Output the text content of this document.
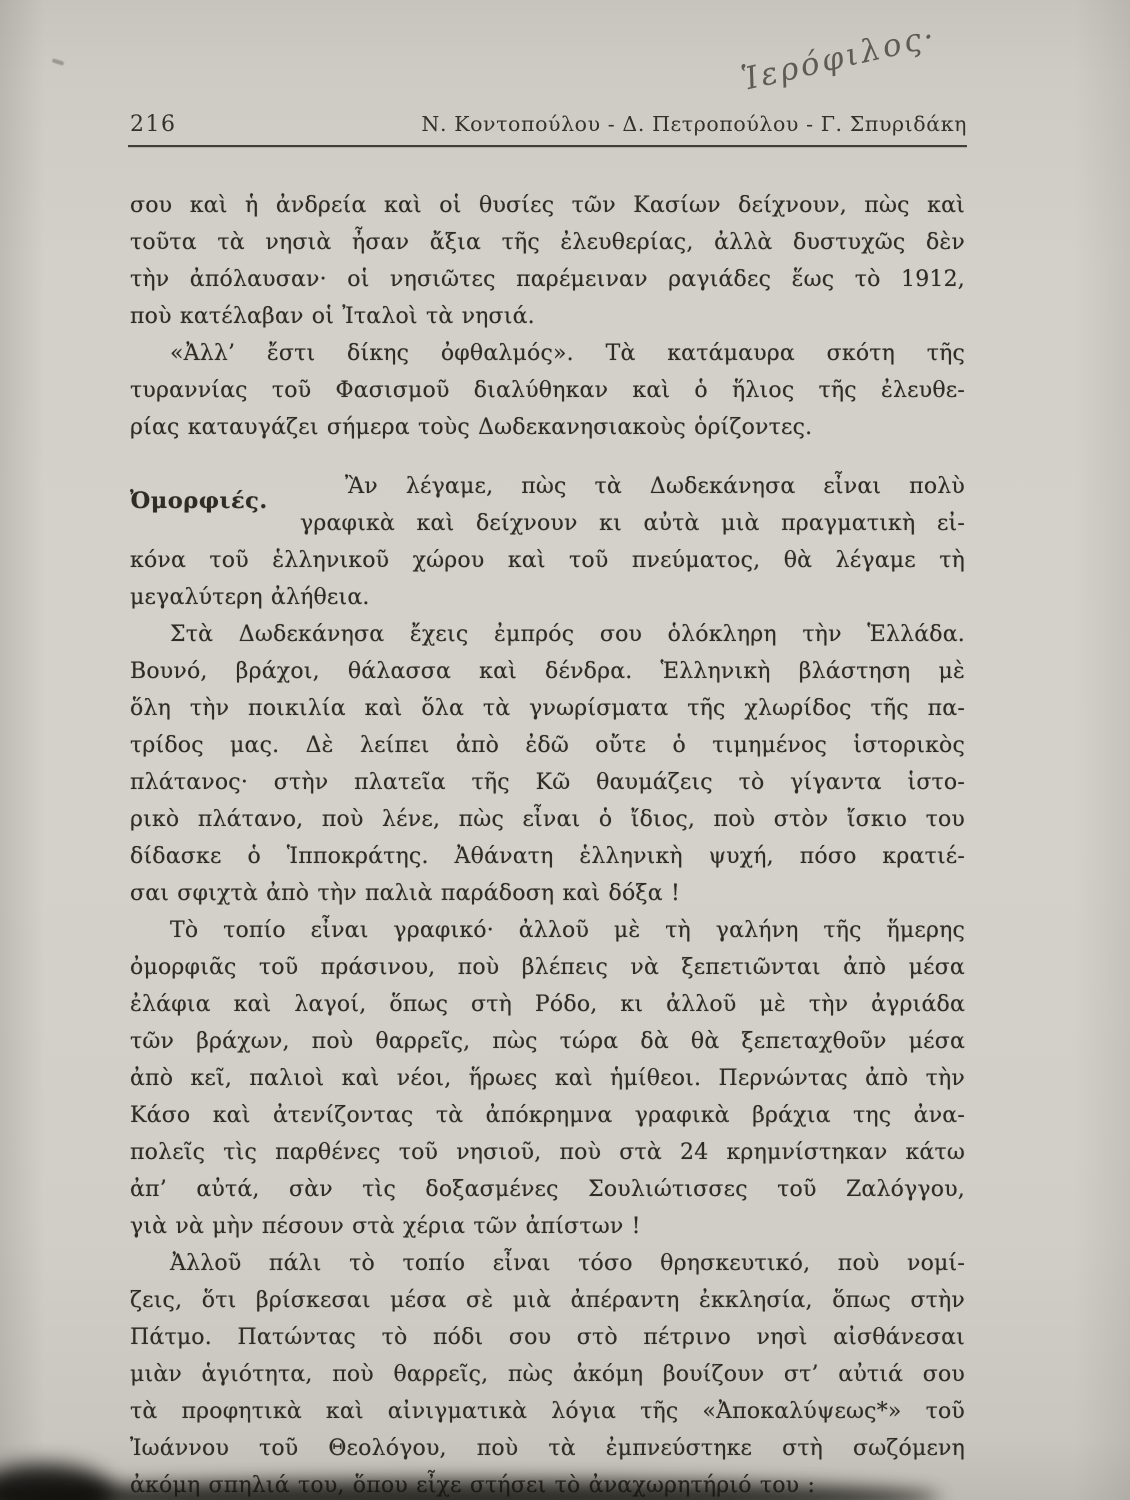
Ἱερόφιλος·
216	Ν. Κοντοπούλου - Δ. Πετροπούλου - Γ. Σπυριδάκη
σου καὶ ἡ ἀνδρεία καὶ οἱ θυσίες τῶν Κασίων δείχνουν, πὼς καὶ
τοῦτα τὰ νησιὰ ἦσαν ἄξια τῆς ἐλευθερίας, ἀλλὰ δυστυχῶς δὲν
τὴν ἀπόλαυσαν· οἱ νησιῶτες παρέμειναν ραγιάδες ἕως τὸ 1912,
ποὺ κατέλαβαν οἱ Ἰταλοὶ τὰ νησιά.
«Ἀλλ’ ἔστι δίκης ὀφθαλμός». Τὰ κατάμαυρα σκότη τῆς
τυραννίας τοῦ Φασισμοῦ διαλύθηκαν καὶ ὁ ἥλιος τῆς ἐλευθε-
ρίας καταυγάζει σήμερα τοὺς Δωδεκανησιακοὺς ὁρίζοντες.
Ὀμορφιές.
Ἂν λέγαμε, πὼς τὰ Δωδεκάνησα εἶναι πολὺ
γραφικὰ καὶ δείχνουν κι αὐτὰ μιὰ πραγματικὴ εἰ-
κόνα τοῦ ἑλληνικοῦ χώρου καὶ τοῦ πνεύματος, θὰ λέγαμε τὴ
μεγαλύτερη ἀλήθεια.
Στὰ Δωδεκάνησα ἔχεις ἐμπρός σου ὁλόκληρη τὴν Ἑλλάδα.
Βουνό, βράχοι, θάλασσα καὶ δένδρα. Ἑλληνικὴ βλάστηση μὲ
ὅλη τὴν ποικιλία καὶ ὅλα τὰ γνωρίσματα τῆς χλωρίδος τῆς πα-
τρίδος μας. Δὲ λείπει ἀπὸ ἐδῶ οὔτε ὁ τιμημένος ἱστορικὸς
πλάτανος· στὴν πλατεῖα τῆς Κῶ θαυμάζεις τὸ γίγαντα ἱστο-
ρικὸ πλάτανο, ποὺ λένε, πὼς εἶναι ὁ ἴδιος, ποὺ στὸν ἴσκιο του
δίδασκε ὁ Ἱπποκράτης. Ἀθάνατη ἑλληνικὴ ψυχή, πόσο κρατιέ-
σαι σφιχτὰ ἀπὸ τὴν παλιὰ παράδοση καὶ δόξα !
Τὸ τοπίο εἶναι γραφικό· ἀλλοῦ μὲ τὴ γαλήνη τῆς ἥμερης
ὀμορφιᾶς τοῦ πράσινου, ποὺ βλέπεις νὰ ξεπετιῶνται ἀπὸ μέσα
ἐλάφια καὶ λαγοί, ὅπως στὴ Ρόδο, κι ἀλλοῦ μὲ τὴν ἀγριάδα
τῶν βράχων, ποὺ θαρρεῖς, πὼς τώρα δὰ θὰ ξεπεταχθοῦν μέσα
ἀπὸ κεῖ, παλιοὶ καὶ νέοι, ἥρωες καὶ ἡμίθεοι. Περνώντας ἀπὸ τὴν
Κάσο καὶ ἀτενίζοντας τὰ ἀπόκρημνα γραφικὰ βράχια της ἀνα-
πολεῖς τὶς παρθένες τοῦ νησιοῦ, ποὺ στὰ 24 κρημνίστηκαν κάτω
ἀπ’ αὐτά, σὰν τὶς δοξασμένες Σουλιώτισσες τοῦ Ζαλόγγου,
γιὰ νὰ μὴν πέσουν στὰ χέρια τῶν ἀπίστων !
Ἀλλοῦ πάλι τὸ τοπίο εἶναι τόσο θρησκευτικό, ποὺ νομί-
ζεις, ὅτι βρίσκεσαι μέσα σὲ μιὰ ἀπέραντη ἐκκλησία, ὅπως στὴν
Πάτμο. Πατώντας τὸ πόδι σου στὸ πέτρινο νησὶ αἰσθάνεσαι
μιὰν ἁγιότητα, ποὺ θαρρεῖς, πὼς ἀκόμη βουίζουν στ’ αὐτιά σου
τὰ προφητικὰ καὶ αἰνιγματικὰ λόγια τῆς «Ἀποκαλύψεως*» τοῦ
Ἰωάννου τοῦ Θεολόγου, ποὺ τὰ ἐμπνεύστηκε στὴ σωζόμενη
